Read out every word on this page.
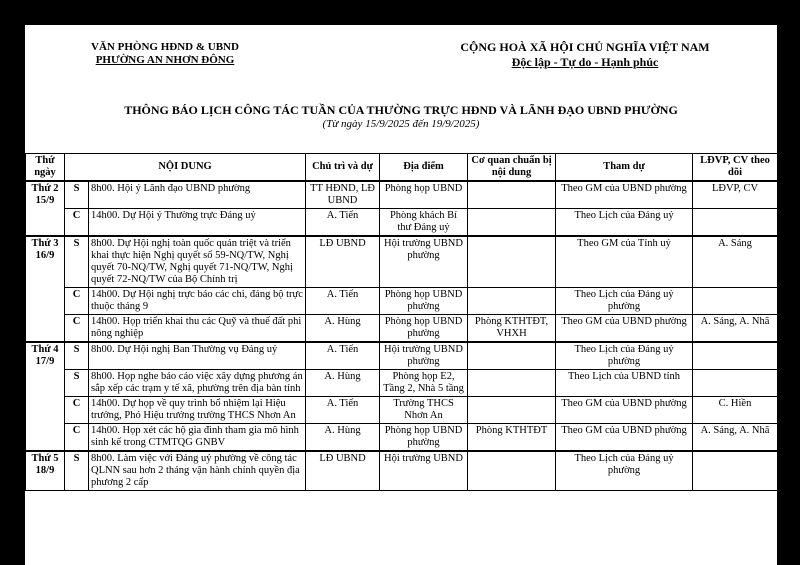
VĂN PHÒNG HĐND & UBND
PHƯỜNG AN NHƠN ĐÔNG
CỘNG HOÀ XÃ HỘI CHỦ NGHĨA VIỆT NAM
Độc lập - Tự do - Hạnh phúc
THÔNG BÁO LỊCH CÔNG TÁC TUẦN CỦA THƯỜNG TRỰC HĐND VÀ LÃNH ĐẠO UBND PHƯỜNG
(Từ ngày 15/9/2025 đến 19/9/2025)
Thứ ngày	NỘI DUNG		Chủ trì và dự	Địa điểm	Cơ quan chuẩn bị nội dung	Tham dự	LĐVP, CV theo dõi

Thứ 2
15/9	S	8h00. Hội ý Lãnh đạo UBND phường	TT HĐND, LĐ UBND	Phòng họp UBND		Theo GM của UBND phường	LĐVP, CV
	C	14h00. Dự Hội ý Thường trực Đảng uỷ	A. Tiến	Phòng khách Bí thư Đảng uỷ		Theo Lịch của Đảng uỷ	

Thứ 3
16/9	S	8h00. Dự Hội nghị toàn quốc quán triệt và triển khai thực hiện Nghị quyết số 59-NQ/TW, Nghị quyết 70-NQ/TW, Nghị quyết 71-NQ/TW, Nghị quyết 72-NQ/TW của Bộ Chính trị	LĐ UBND	Hội trường UBND phường		Theo GM của Tỉnh uỷ	A. Sáng
	C	14h00. Dự Hội nghị trực báo các chi, đảng bộ trực thuộc tháng 9	A. Tiến	Phòng họp UBND phường		Theo Lịch của Đảng uỷ phường	
	C	14h00. Họp triển khai thu các Quỹ và thuế đất phi nông nghiệp	A. Hùng	Phòng họp UBND phường	Phòng KTHTĐT, VHXH	Theo GM của UBND phường	A. Sáng, A. Nhã

Thứ 4
17/9	S	8h00. Dự Hội nghị Ban Thường vụ Đảng uỷ	A. Tiến	Hội trường UBND phường		Theo Lịch của Đảng uỷ phường	
	S	8h00. Họp nghe báo cáo việc xây dựng phương án sắp xếp các trạm y tế xã, phường trên địa bàn tỉnh	A. Hùng	Phòng họp E2, Tầng 2, Nhà 5 tầng		Theo Lịch của UBND tỉnh	
	C	14h00. Dự họp về quy trình bổ nhiệm lại Hiệu trưởng, Phó Hiệu trưởng trường THCS Nhơn An	A. Tiến	Trường THCS Nhơn An		Theo GM của UBND phường	C. Hiền
	C	14h00. Họp xét các hộ gia đình tham gia mô hình sinh kế trong CTMTQG GNBV	A. Hùng	Phòng họp UBND phường	Phòng KTHTĐT	Theo GM của UBND phường	A. Sáng, A. Nhã

Thứ 5
18/9	S	8h00. Làm việc với Đảng uỷ phường về công tác QLNN sau hơn 2 tháng vận hành chính quyền địa phương 2 cấp	LĐ UBND	Hội trường UBND		Theo Lịch của Đảng uỷ phường	
